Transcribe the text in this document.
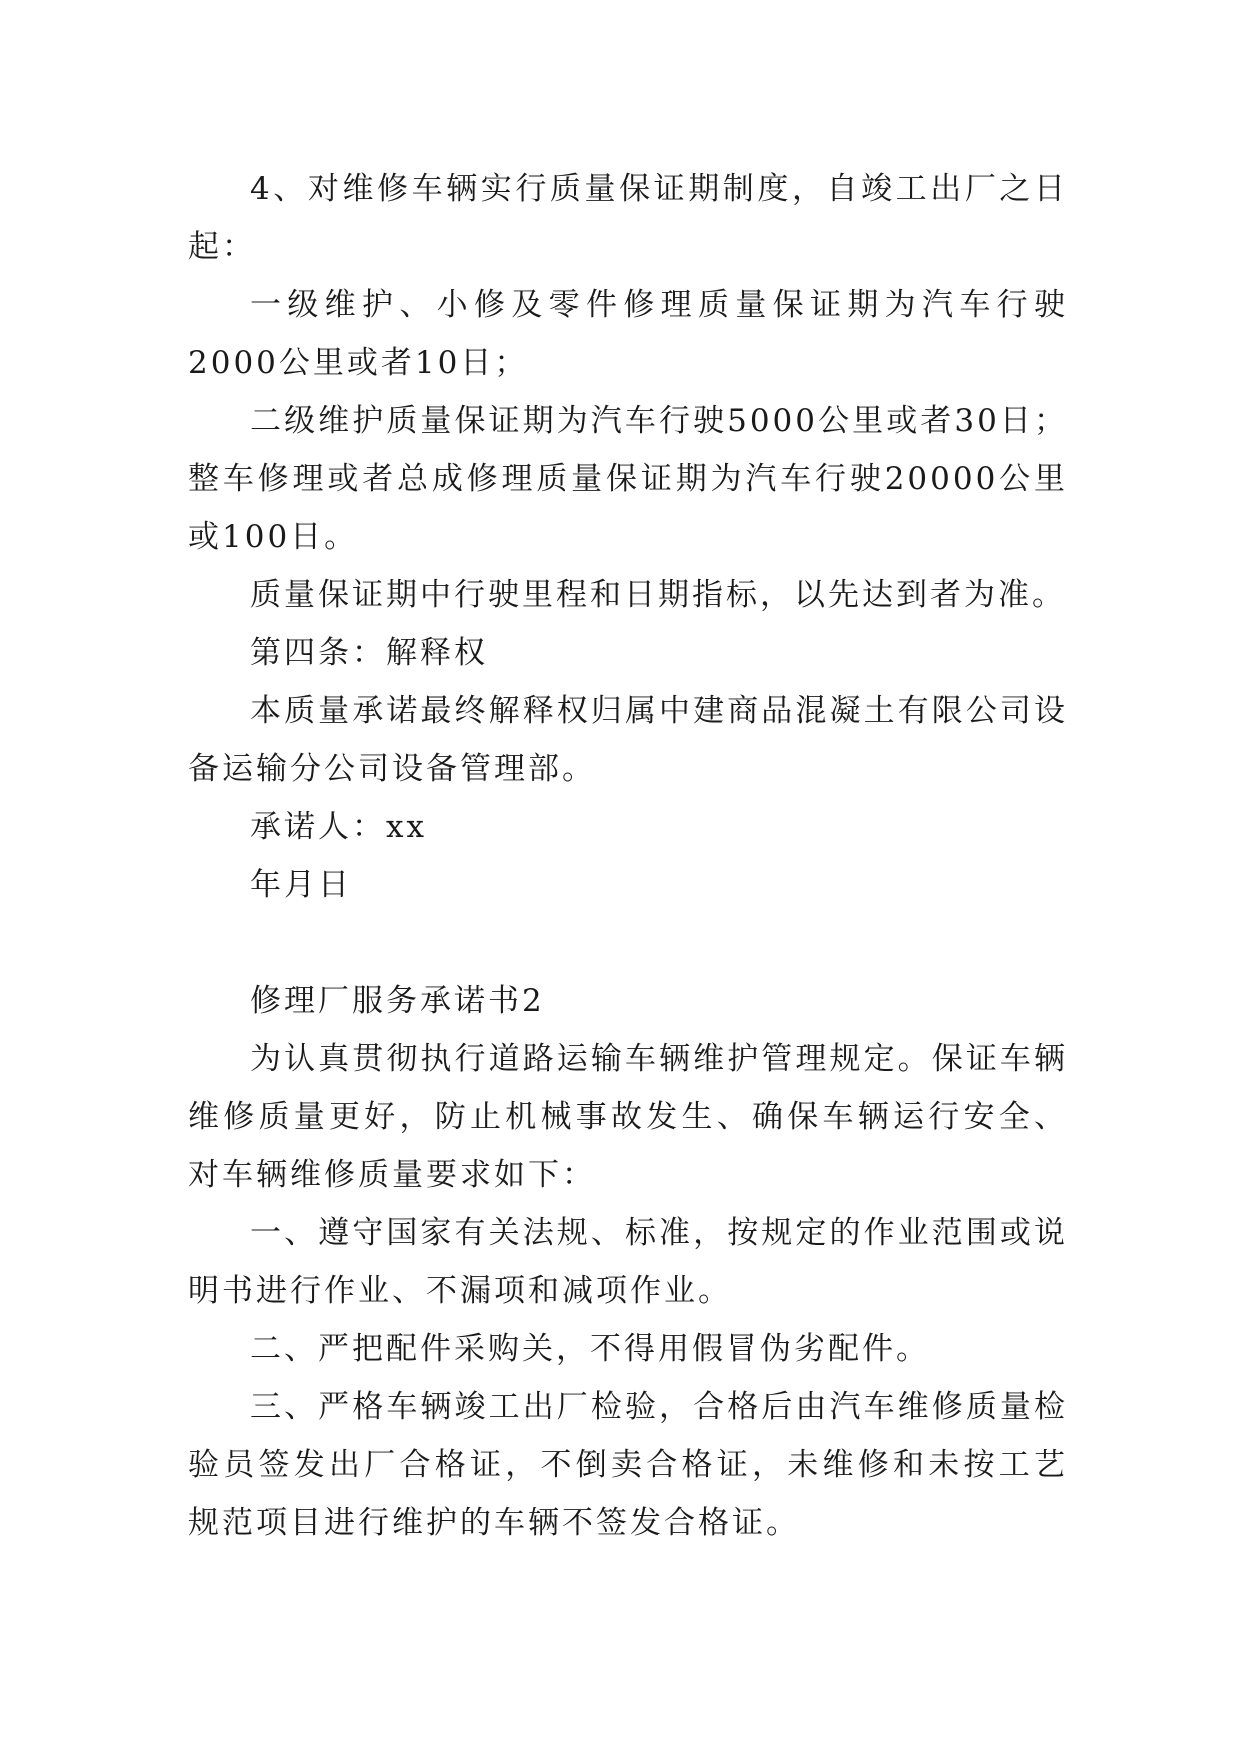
4、对维修车辆实行质量保证期制度，自竣工出厂之日起：

一级维护、小修及零件修理质量保证期为汽车行驶2000公里或者10日；

二级维护质量保证期为汽车行驶5000公里或者30日；整车修理或者总成修理质量保证期为汽车行驶20000公里或100日。

质量保证期中行驶里程和日期指标，以先达到者为准。

第四条：解释权

本质量承诺最终解释权归属中建商品混凝土有限公司设备运输分公司设备管理部。

承诺人：xx

年月日

修理厂服务承诺书2

为认真贯彻执行道路运输车辆维护管理规定。保证车辆维修质量更好，防止机械事故发生、确保车辆运行安全、对车辆维修质量要求如下：

一、遵守国家有关法规、标准，按规定的作业范围或说明书进行作业、不漏项和减项作业。

二、严把配件采购关，不得用假冒伪劣配件。

三、严格车辆竣工出厂检验，合格后由汽车维修质量检验员签发出厂合格证，不倒卖合格证，未维修和未按工艺规范项目进行维护的车辆不签发合格证。
